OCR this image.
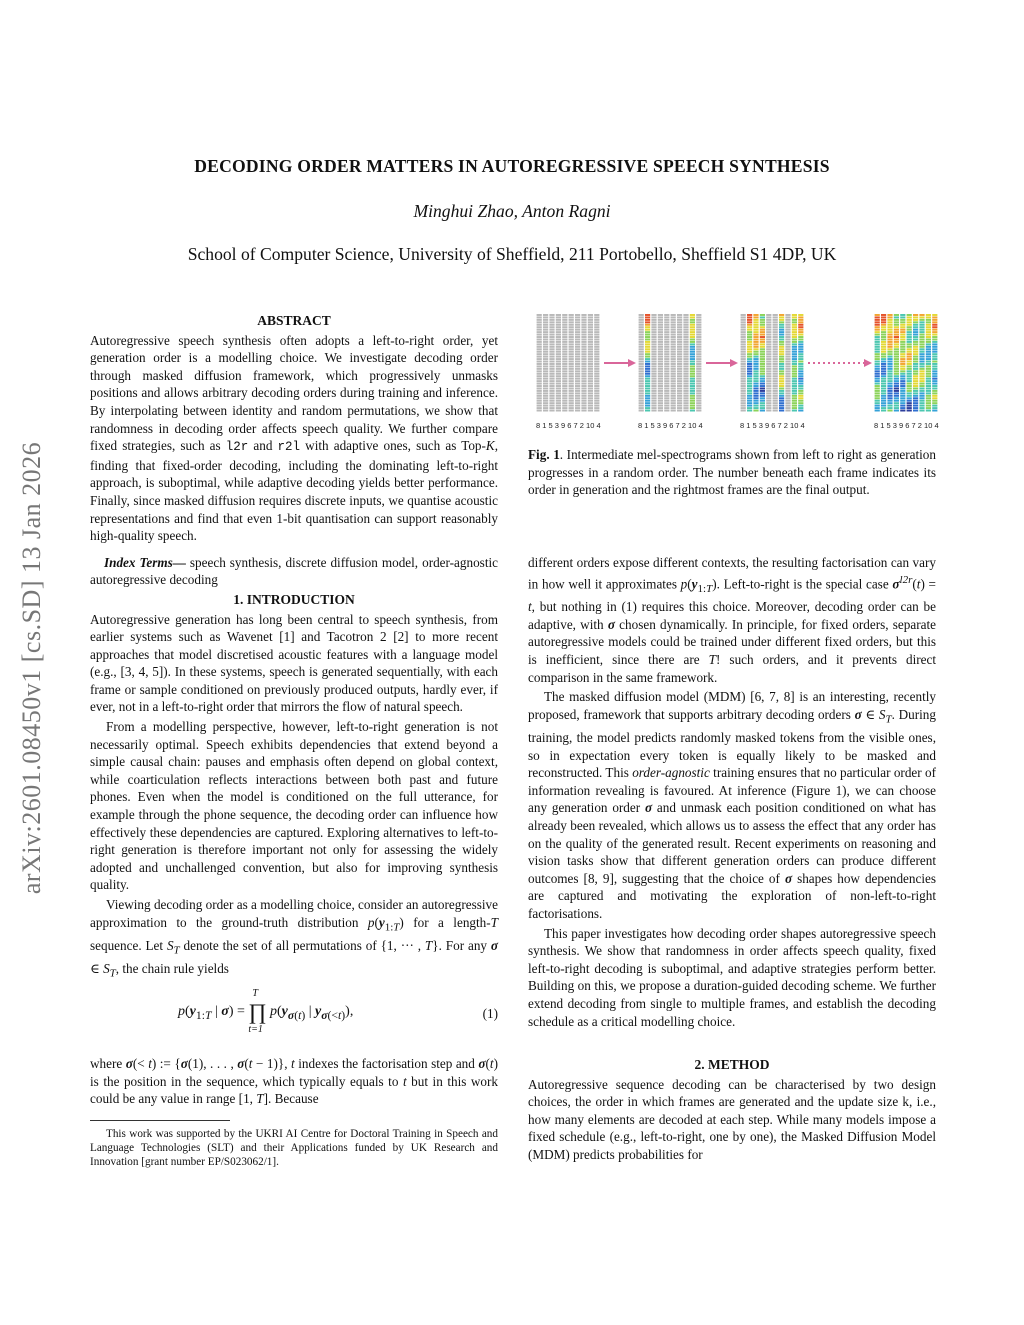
arXiv:2601.08450v1 [cs.SD] 13 Jan 2026
DECODING ORDER MATTERS IN AUTOREGRESSIVE SPEECH SYNTHESIS
Minghui Zhao, Anton Ragni
School of Computer Science, University of Sheffield, 211 Portobello, Sheffield S1 4DP, UK

ABSTRACT

Autoregressive speech synthesis often adopts a left-to-right order, yet generation order is a modelling choice. We investigate decoding order through masked diffusion framework, which progressively unmasks positions and allows arbitrary decoding orders during training and inference. By interpolating between identity and random permutations, we show that randomness in decoding order affects speech quality. We further compare fixed strategies, such as l2r and r2l with adaptive ones, such as Top-K, finding that fixed-order decoding, including the dominating left-to-right approach, is suboptimal, while adaptive decoding yields better performance. Finally, since masked diffusion requires discrete inputs, we quantise acoustic representations and find that even 1-bit quantisation can support reasonably high-quality speech.

Index Terms— speech synthesis, discrete diffusion model, order-agnostic autoregressive decoding

1. INTRODUCTION

Autoregressive generation has long been central to speech synthesis, from earlier systems such as Wavenet [1] and Tacotron 2 [2] to more recent approaches that model discretised acoustic features with a language model (e.g., [3, 4, 5]). In these systems, speech is generated sequentially, with each frame or sample conditioned on previously produced outputs, hardly ever, if ever, not in a left-to-right order that mirrors the flow of natural speech.

From a modelling perspective, however, left-to-right generation is not necessarily optimal. Speech exhibits dependencies that extend beyond a simple causal chain: pauses and emphasis often depend on global context, while coarticulation reflects interactions between both past and future phones. Even when the model is conditioned on the full utterance, for example through the phone sequence, the decoding order can influence how effectively these dependencies are captured. Exploring alternatives to left-to-right generation is therefore important not only for assessing the widely adopted and unchallenged convention, but also for improving synthesis quality.

Viewing decoding order as a modelling choice, consider an autoregressive approximation to the ground-truth distribution $p(y_{1:T})$ for a length-T sequence. Let $S_T$ denote the set of all permutations of {1, ··· , T}. For any σ ∈ $S_T$, the chain rule yields

$p(y_{1:T}$ | σ) = ∏
T
t=1
$p(y_{\sigma(t)}$ | $y_{\sigma(<t)}$),	(1)

where σ(< t) := {σ(1), . . . , σ(t − 1)}, t indexes the factorisation step and σ(t) is the position in the sequence, which typically equals to t but in this work could be any value in range [1, T]. Because

This work was supported by the UKRI AI Centre for Doctoral Training in Speech and Language Technologies (SLT) and their Applications funded by UK Research and Innovation [grant number EP/S023062/1].

8 1 5 3 9 6 7 2 10 4	8 1 5 3 9 6 7 2 10 4	8 1 5 3 9 6 7 2 10 4	8 1 5 3 9 6 7 2 10 4
Fig. 1. Intermediate mel-spectrograms shown from left to right as generation progresses in a random order. The number beneath each frame indicates its order in generation and the rightmost frames are the final output.

different orders expose different contexts, the resulting factorisation can vary in how well it approximates $p(y_{1:T})$. Left-to-right is the special case $\sigma^{l2r}(t) = t$, but nothing in (1) requires this choice. Moreover, decoding order can be adaptive, with σ chosen dynamically. In principle, for fixed orders, separate autoregressive models could be trained under different fixed orders, but this is inefficient, since there are T! such orders, and it prevents direct comparison in the same framework.

The masked diffusion model (MDM) [6, 7, 8] is an interesting, recently proposed, framework that supports arbitrary decoding orders σ ∈ $S_T$. During training, the model predicts randomly masked tokens from the visible ones, so in expectation every token is equally likely to be masked and reconstructed. This order-agnostic training ensures that no particular order of information revealing is favoured. At inference (Figure 1), we can choose any generation order σ and unmask each position conditioned on what has already been revealed, which allows us to assess the effect that any order has on the quality of the generated result. Recent experiments on reasoning and vision tasks show that different generation orders can produce different outcomes [8, 9], suggesting that the choice of σ shapes how dependencies are captured and motivating the exploration of non-left-to-right factorisations.

This paper investigates how decoding order shapes autoregressive speech synthesis. We show that randomness in order affects speech quality, fixed left-to-right decoding is suboptimal, and adaptive strategies perform better. Building on this, we propose a duration-guided decoding scheme. We further extend decoding from single to multiple frames, and establish the decoding schedule as a critical modelling choice.

2. METHOD

Autoregressive sequence decoding can be characterised by two design choices, the order in which frames are generated and the update size k, i.e., how many elements are decoded at each step. While many models impose a fixed schedule (e.g., left-to-right, one by one), the Masked Diffusion Model (MDM) predicts probabilities for
